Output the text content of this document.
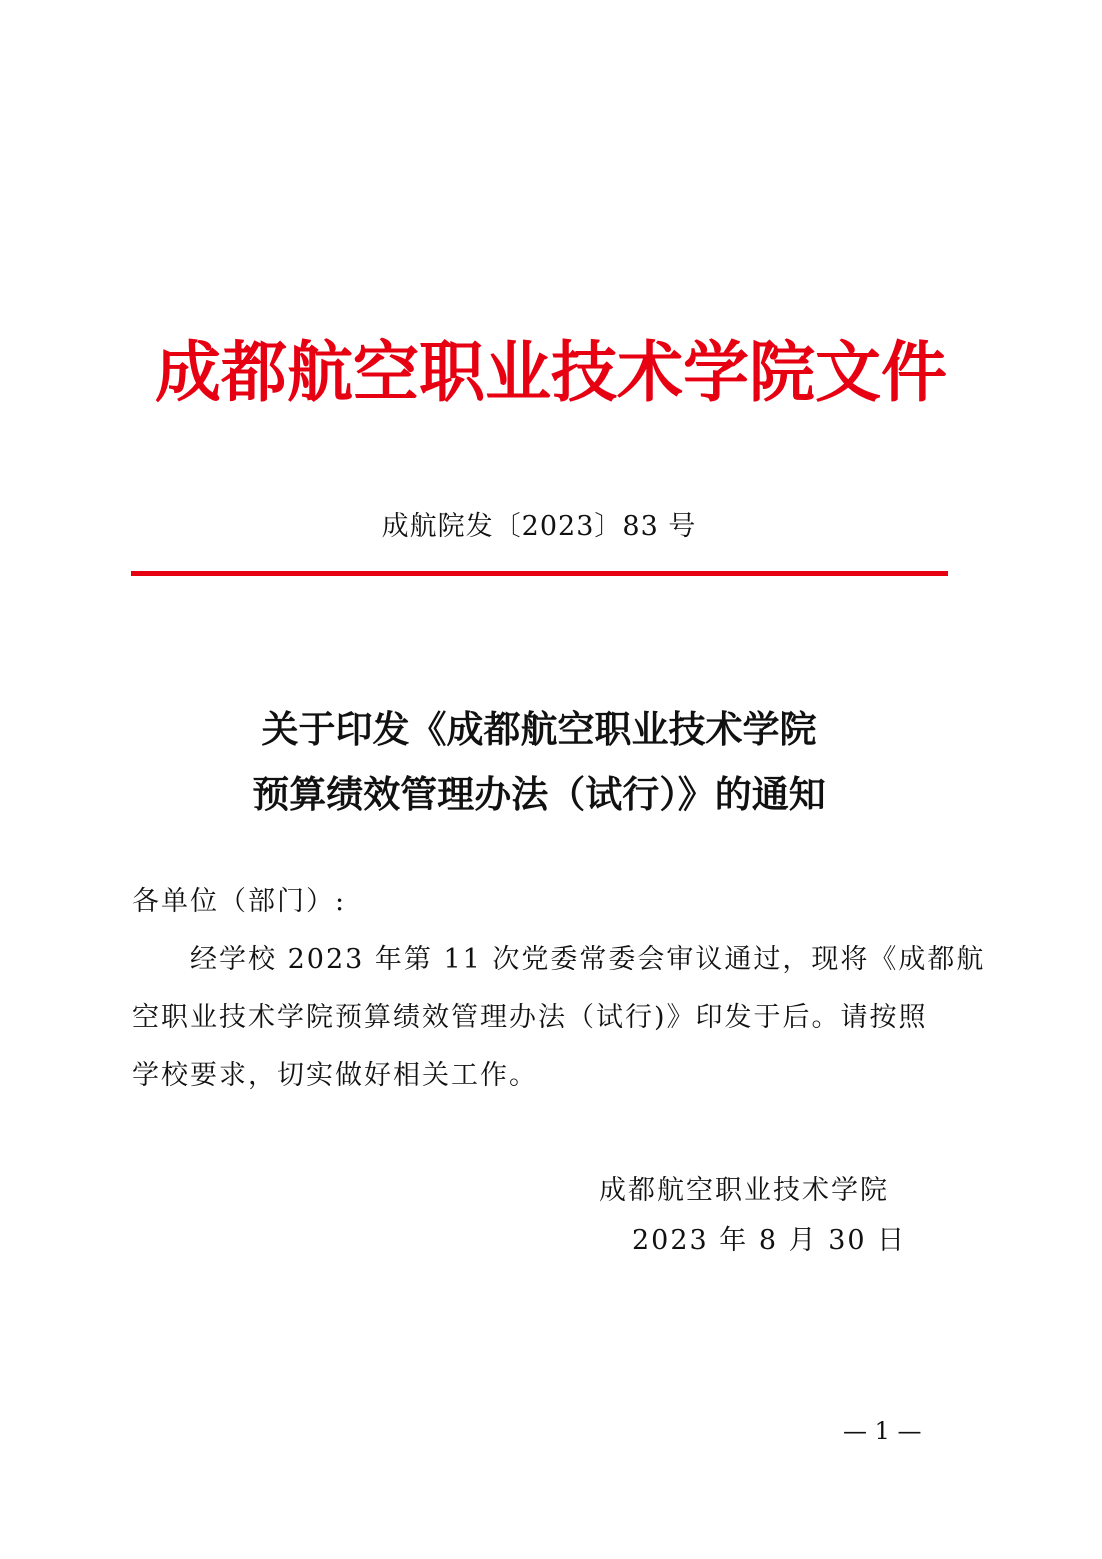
成都航空职业技术学院文件
成航院发〔2023〕83 号
关于印发《成都航空职业技术学院
预算绩效管理办法（试行）》的通知
各单位（部门）:
经学校 2023 年第 11 次党委常委会审议通过，现将《成都航
空职业技术学院预算绩效管理办法（试行)》印发于后。请按照
学校要求，切实做好相关工作。
成都航空职业技术学院
2023 年 8 月 30 日
— 1 —
